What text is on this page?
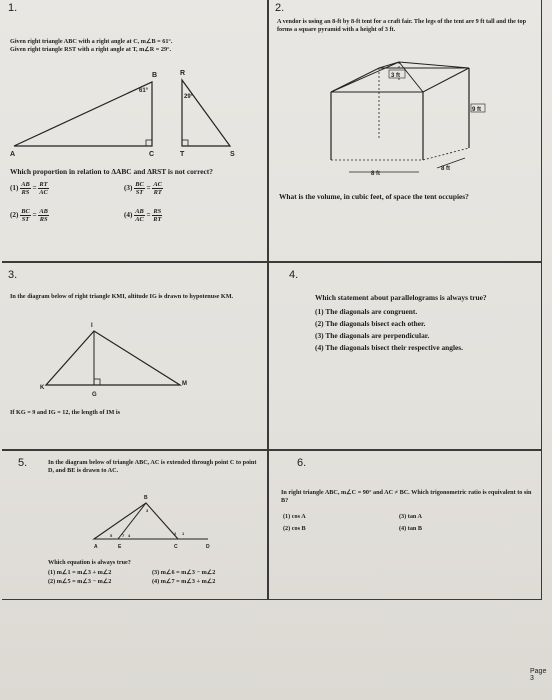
1.
Given right triangle ABC with a right angle at C, m∠B = 61°.
Given right triangle RST with a right angle at T, m∠R = 29°.
B
A	C
61°
R
T	S
29°
Which proportion in relation to ΔABC and ΔRST is not correct?
$(1) \frac{AB}{RS} = \frac{RT}{AC}$
$(2) \frac{BC}{ST} = \frac{AB}{RS}$
$(3) \frac{BC}{ST} = \frac{AC}{RT}$
$(4) \frac{AB}{AC} = \frac{RS}{RT}$
2.
A vendor is using an 8-ft by 8-ft tent for a craft fair. The legs of the tent are 9 ft tall and the top forms a square pyramid with a height of 3 ft.
3 ft
9 ft
8 ft
8 ft
What is the volume, in cubic feet, of space the tent occupies?
3.
In the diagram below of right triangle KMI, altitude IG is drawn to hypotenuse KM.
I
K
G
M
If KG = 9 and IG = 12, the length of IM is
4.
Which statement about parallelograms is always true?
(1) The diagonals are congruent.
(2) The diagonals bisect each other.
(3) The diagonals are perpendicular.
(4) The diagonals bisect their respective angles.
5.	In the diagram below of triangle ABC, AC is extended through point C to point D, and BE is drawn to AC.
B
A	E	C	D
3
5 7 4	2 1
Which equation is always true?
(1) m∠1 = m∠3 + m∠2
(2) m∠5 = m∠3 − m∠2
(3) m∠6 = m∠3 − m∠2
(4) m∠7 = m∠3 + m∠2
6.
In right triangle ABC, m∠C = 90° and AC ≠ BC. Which trigonometric ratio is equivalent to sin B?
(1) cos A	(3) tan A
(2) cos B	(4) tan B
Page 3
